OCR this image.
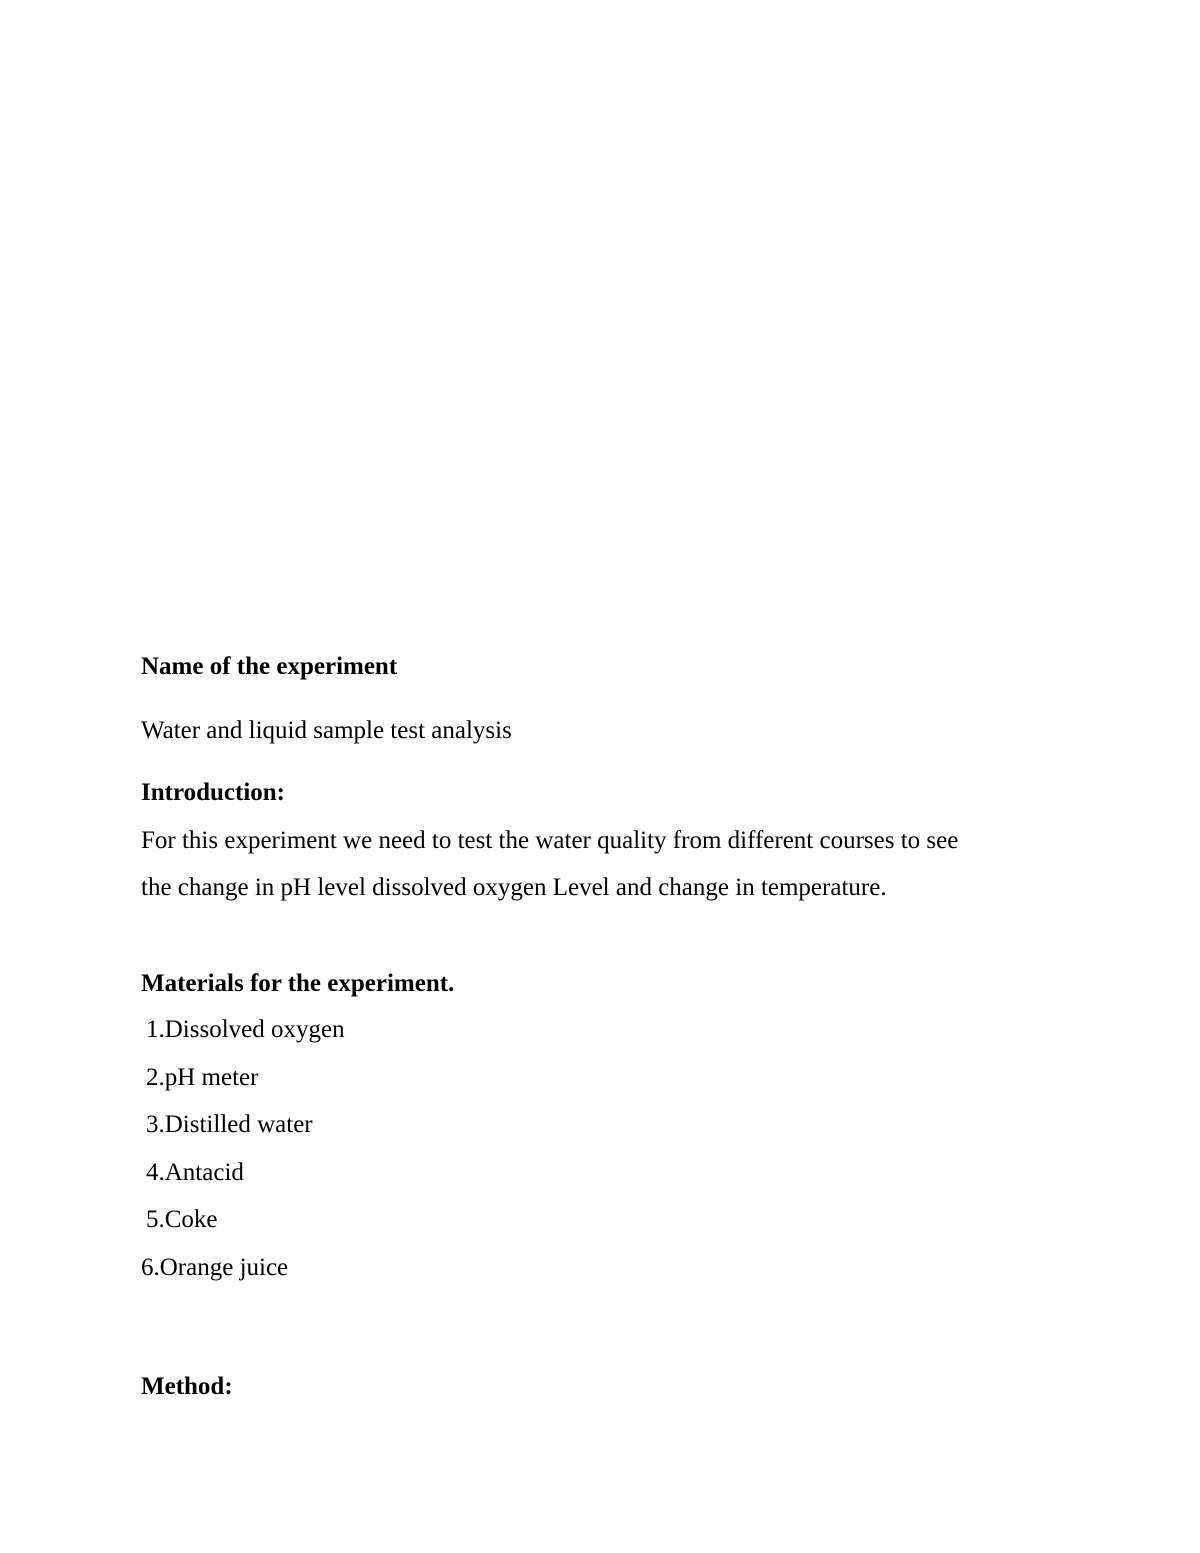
Name of the experiment

Water and liquid sample test analysis

Introduction:

For this experiment we need to test the water quality from different courses to see

the change in pH level dissolved oxygen Level and change in temperature.

Materials for the experiment.

1.Dissolved oxygen

2.pH meter

3.Distilled water

4.Antacid

5.Coke

6.Orange juice

Method:
